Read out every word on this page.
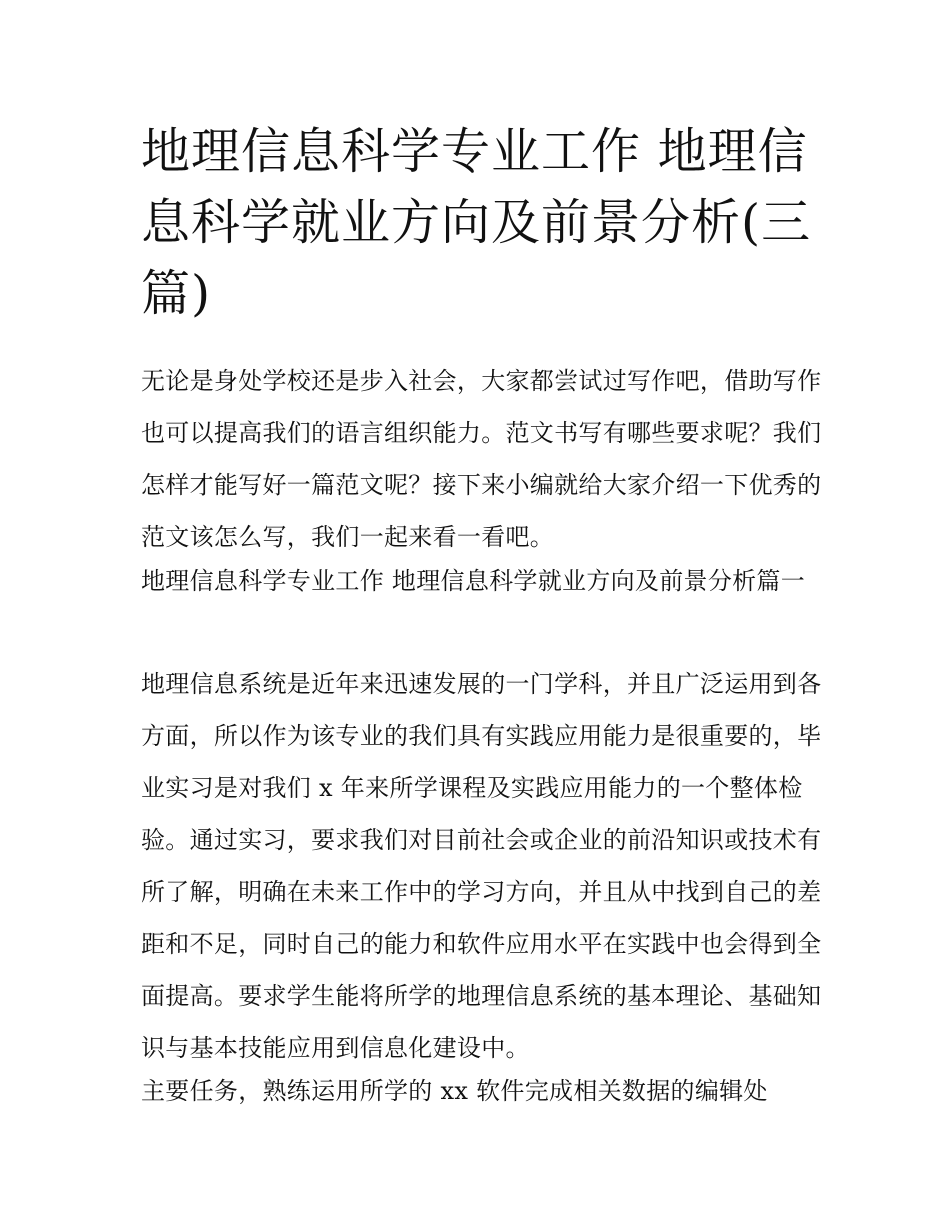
地理信息科学专业工作 地理信息科学就业方向及前景分析(三篇)

无论是身处学校还是步入社会，大家都尝试过写作吧，借助写作也可以提高我们的语言组织能力。范文书写有哪些要求呢？我们怎样才能写好一篇范文呢？接下来小编就给大家介绍一下优秀的范文该怎么写，我们一起来看一看吧。

地理信息科学专业工作 地理信息科学就业方向及前景分析篇一

地理信息系统是近年来迅速发展的一门学科，并且广泛运用到各方面，所以作为该专业的我们具有实践应用能力是很重要的，毕业实习是对我们 x 年来所学课程及实践应用能力的一个整体检验。通过实习，要求我们对目前社会或企业的前沿知识或技术有所了解，明确在未来工作中的学习方向，并且从中找到自己的差距和不足，同时自己的能力和软件应用水平在实践中也会得到全面提高。要求学生能将所学的地理信息系统的基本理论、基础知识与基本技能应用到信息化建设中。

主要任务，熟练运用所学的 xx 软件完成相关数据的编辑处
